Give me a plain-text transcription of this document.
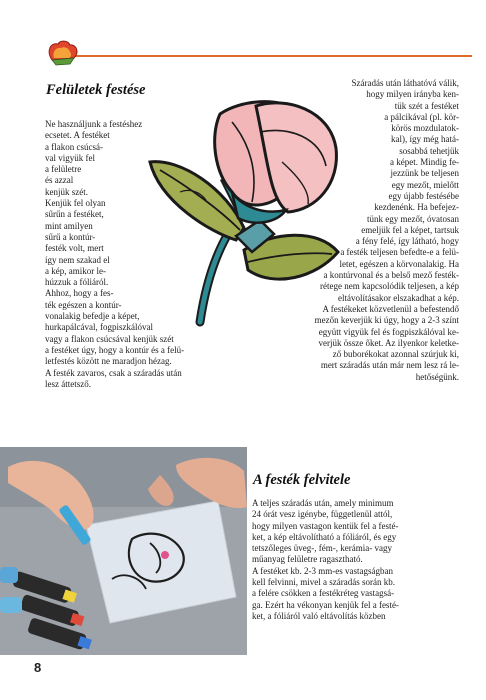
Felületek festése

Ne használjunk a festéshez
ecsetet. A festéket
a flakon csúcsá-
val vigyük fel
a felületre
és azzal
kenjük szét.
Kenjük fel olyan
sűrűn a festéket,
mint amilyen
sűrű a kontúr-
festék volt, mert
így nem szakad el
a kép, amikor le-
húzzuk a fóliáról.
Ahhoz, hogy a fes-
ték egészen a kontúr-
vonalakig befedje a képet,
hurkapálcával, fogpiszkálóval
vagy a flakon csúcsával kenjük szét
a festéket úgy, hogy a kontúr és a felü-
letfestés között ne maradjon hézag.
A festék zavaros, csak a száradás után
lesz áttetsző.

Száradás után láthatóvá válik,
hogy milyen irányba ken-
tük szét a festéket
a pálcikával (pl. kör-
körös mozdulatok-
kal), így még hatá-
sosabbá tehetjük
a képet. Mindig fe-
jezzünk be teljesen
egy mezőt, mielőtt
egy újabb festésébe
kezdenénk. Ha befejez-
tünk egy mezőt, óvatosan
emeljük fel a képet, tartsuk
a fény felé, így látható, hogy
a festék teljesen befedte-e a felü-
letet, egészen a körvonalakig. Ha
a kontúrvonal és a belső mező festék-
rétege nem kapcsolódik teljesen, a kép
eltávolításakor elszakadhat a kép.
A festékeket közvetlenül a befestendő
mezőn keverjük ki úgy, hogy a 2-3 színt
együtt vigyük fel és fogpiszkálóval ke-
verjük össze őket. Az ilyenkor keletke-
ző buborékokat azonnal szúrjuk ki,
mert száradás után már nem lesz rá le-
hetőségünk.

A festék felvitele

A teljes száradás után, amely minimum
24 órát vesz igénybe, függetlenül attól,
hogy milyen vastagon kentük fel a festé-
ket, a kép eltávolítható a fóliáról, és egy
tetszőleges üveg-, fém-, kerámia- vagy
műanyag felületre ragasztható.
A festéket kb. 2-3 mm-es vastagságban
kell felvinni, mivel a száradás során kb.
a felére csökken a festékréteg vastagsá-
ga. Ezért ha vékonyan kenjük fel a festé-
ket, a fóliáról való eltávolítás közben

8
